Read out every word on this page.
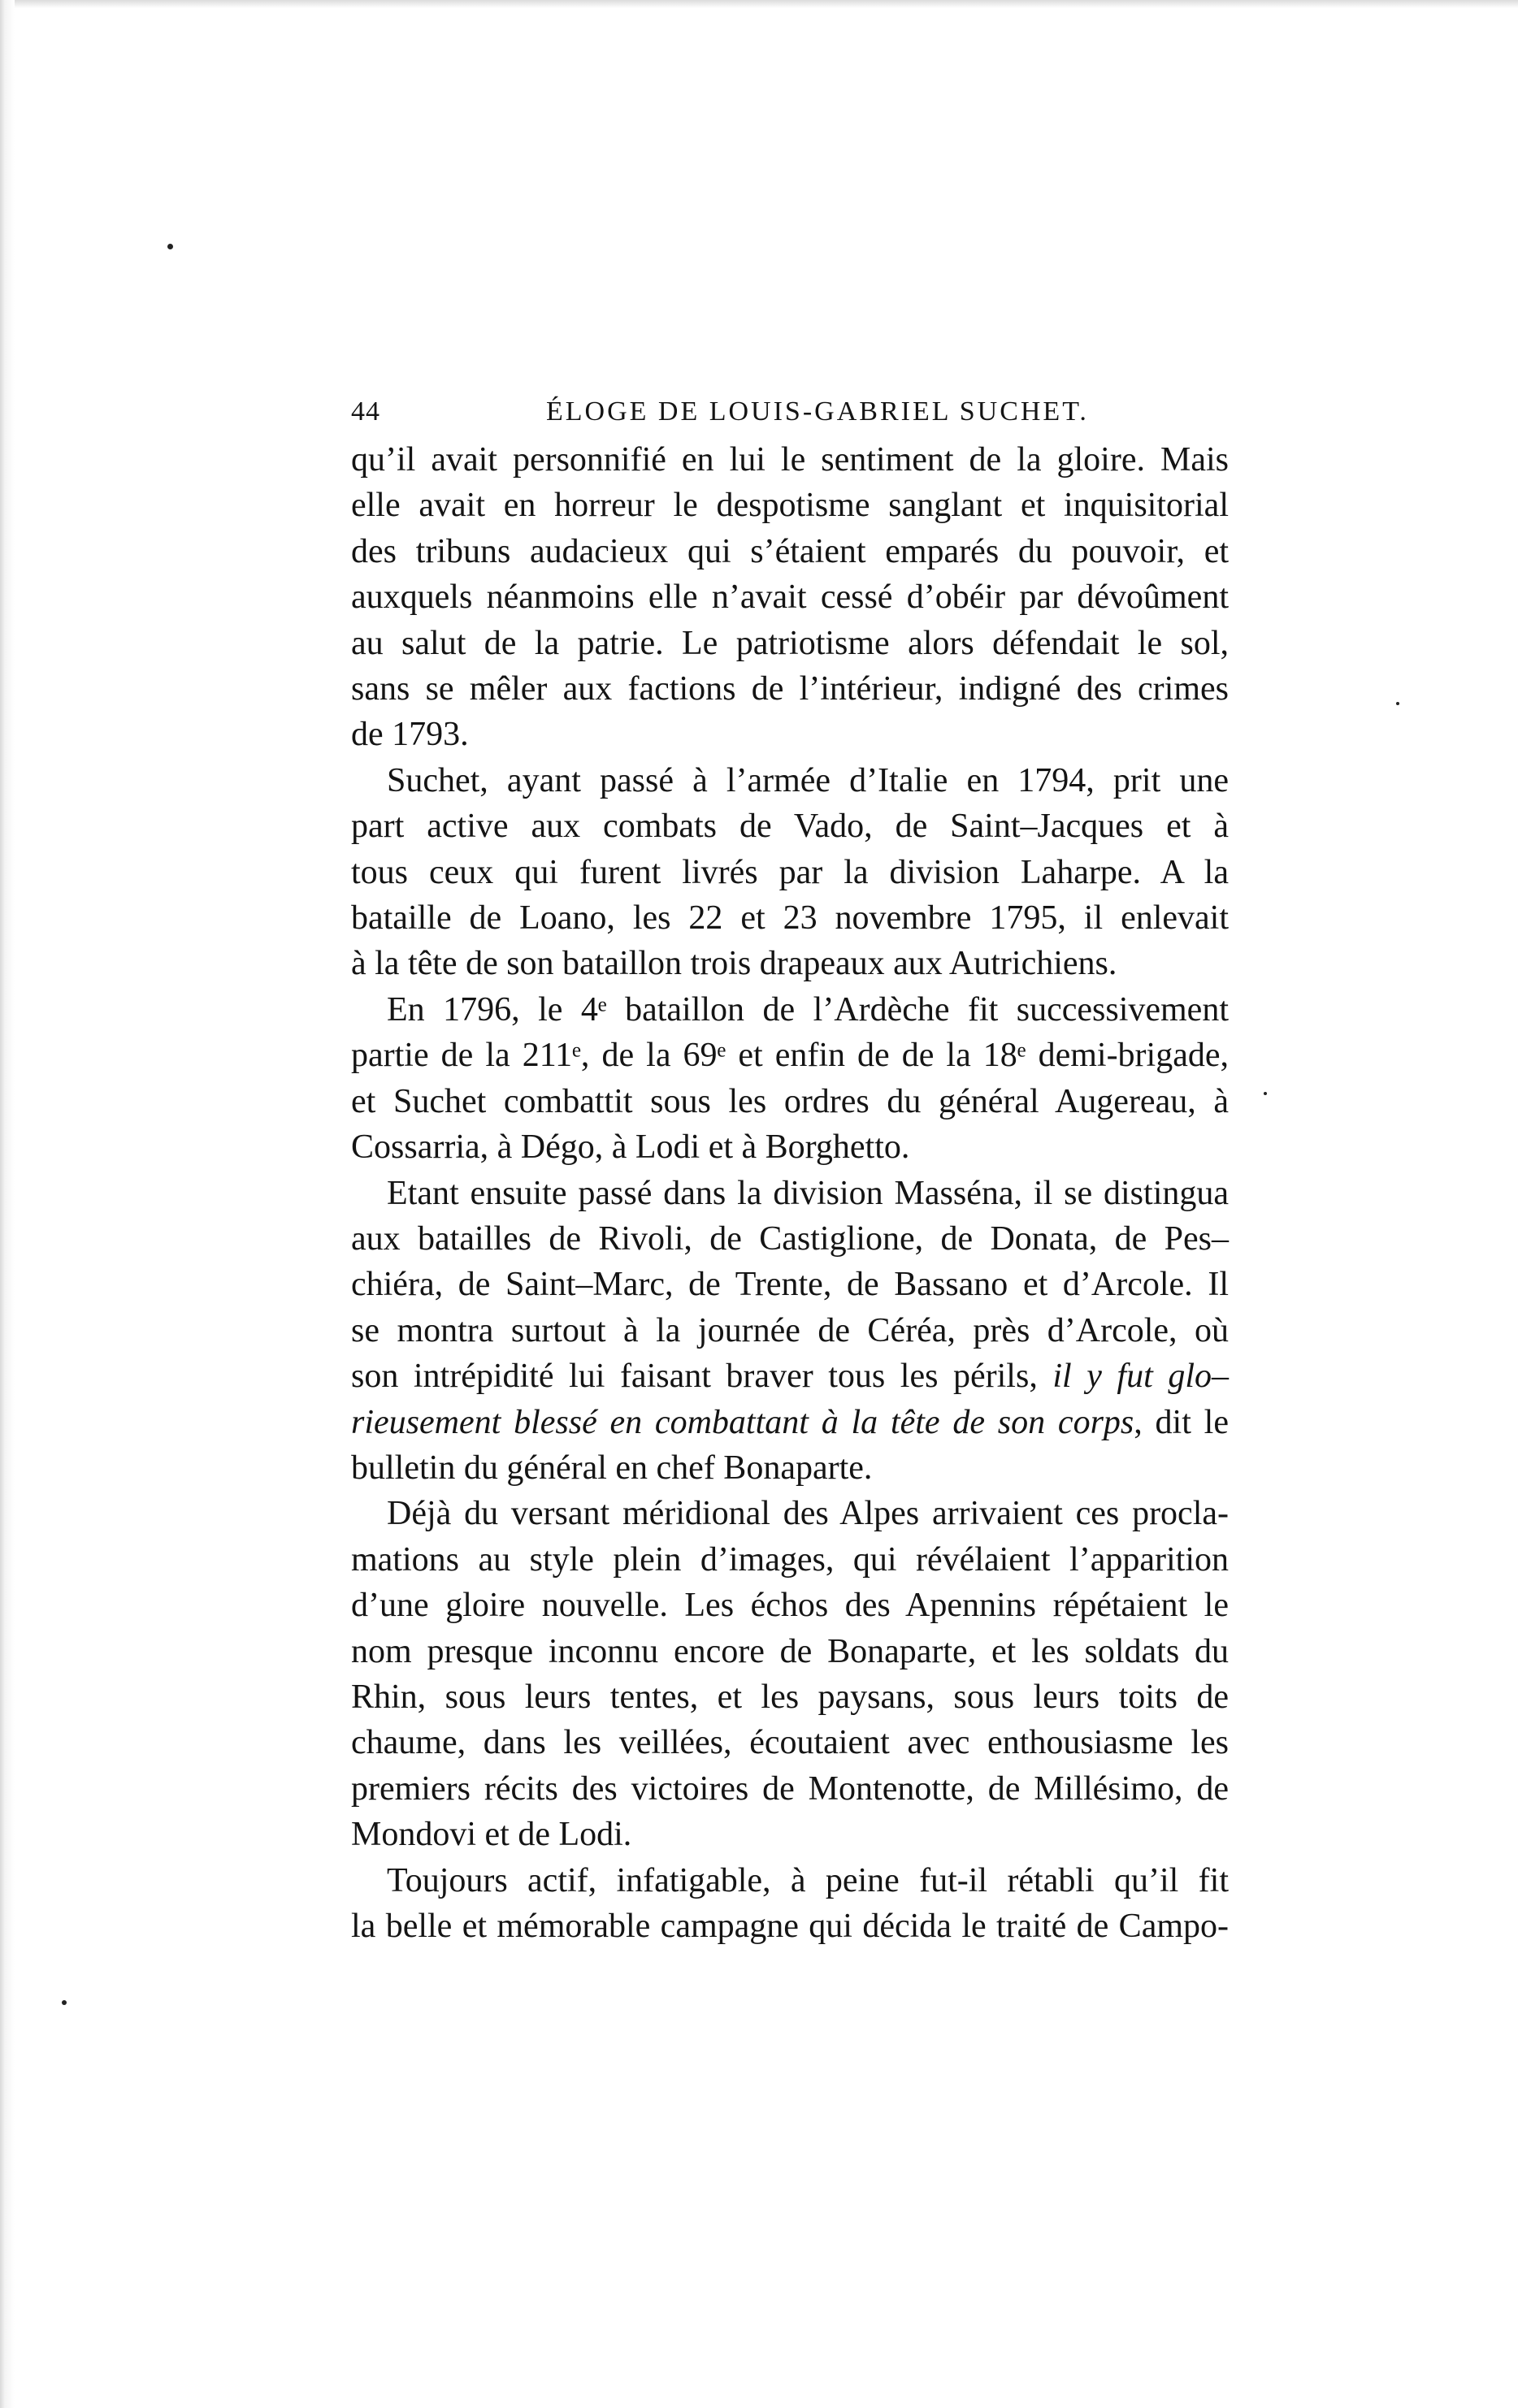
44	ÉLOGE DE LOUIS-GABRIEL SUCHET.

qu’il avait personnifié en lui le sentiment de la gloire. Mais
elle avait en horreur le despotisme sanglant et inquisitorial
des tribuns audacieux qui s’étaient emparés du pouvoir, et
auxquels néanmoins elle n’avait cessé d’obéir par dévoûment
au salut de la patrie. Le patriotisme alors défendait le sol,
sans se mêler aux factions de l’intérieur, indigné des crimes
de 1793.

Suchet, ayant passé à l’armée d’Italie en 1794, prit une
part active aux combats de Vado, de Saint–Jacques et à
tous ceux qui furent livrés par la division Laharpe. A la
bataille de Loano, les 22 et 23 novembre 1795, il enlevait
à la tête de son bataillon trois drapeaux aux Autrichiens.

En 1796, le 4ᵉ bataillon de l’Ardèche fit successivement
partie de la 211ᵉ, de la 69ᵉ et enfin de de la 18ᵉ demi-brigade,
et Suchet combattit sous les ordres du général Augereau, à
Cossarria, à Dégo, à Lodi et à Borghetto.

Etant ensuite passé dans la division Masséna, il se distingua
aux batailles de Rivoli, de Castiglione, de Donata, de Pes–
chiéra, de Saint–Marc, de Trente, de Bassano et d’Arcole. Il
se montra surtout à la journée de Céréa, près d’Arcole, où
son intrépidité lui faisant braver tous les périls, il y fut glo–
rieusement blessé en combattant à la tête de son corps, dit le
bulletin du général en chef Bonaparte.

Déjà du versant méridional des Alpes arrivaient ces procla-
mations au style plein d’images, qui révélaient l’apparition
d’une gloire nouvelle. Les échos des Apennins répétaient le
nom presque inconnu encore de Bonaparte, et les soldats du
Rhin, sous leurs tentes, et les paysans, sous leurs toits de
chaume, dans les veillées, écoutaient avec enthousiasme les
premiers récits des victoires de Montenotte, de Millésimo, de
Mondovi et de Lodi.

Toujours actif, infatigable, à peine fut-il rétabli qu’il fit
la belle et mémorable campagne qui décida le traité de Campo-
